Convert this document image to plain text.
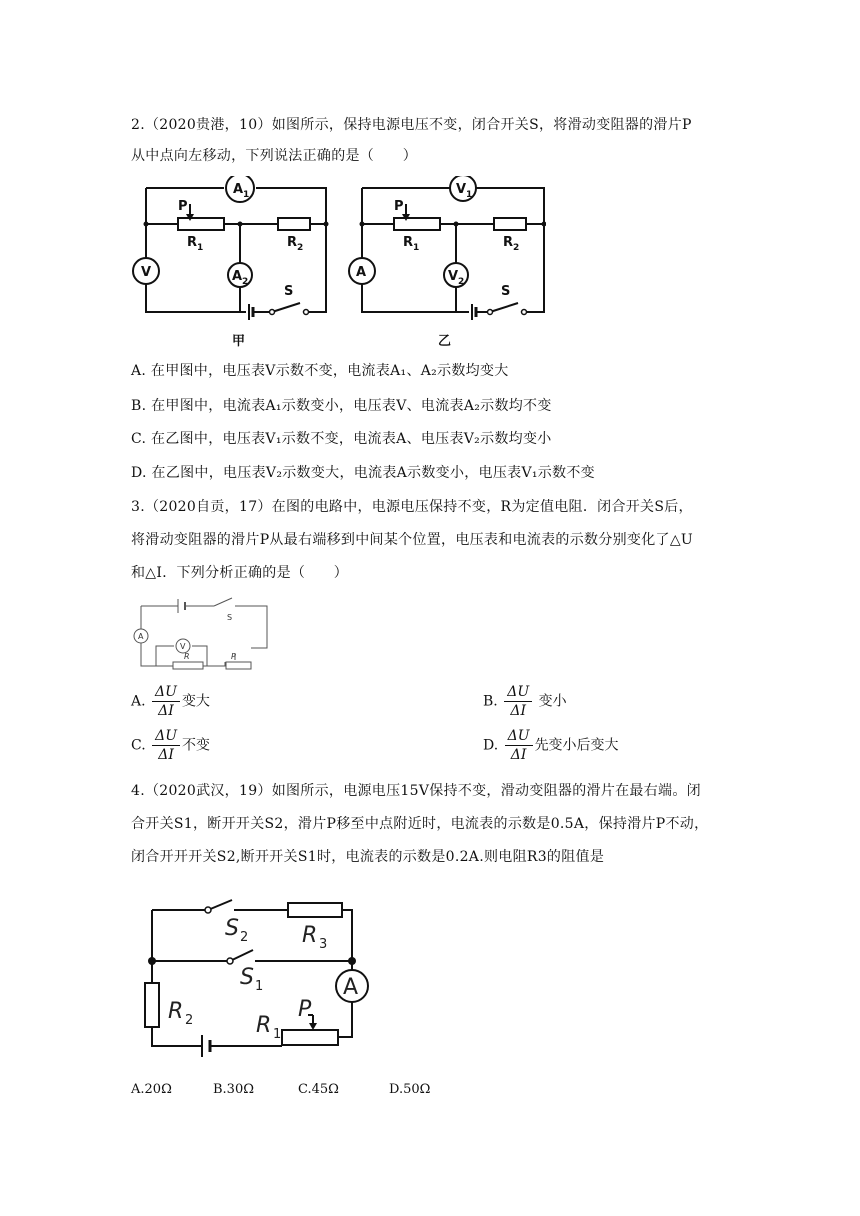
2.（2020贵港，10）如图所示，保持电源电压不变，闭合开关S，将滑动变阻器的滑片P
从中点向左移动，下列说法正确的是（　　）
A 1
V	A 2
P
R 1	R 2
S
甲
V 1
A	V 2
P
R 1	R 2
S
乙
A. 在甲图中，电压表V示数不变，电流表A₁、A₂示数均变大
B. 在甲图中，电流表A₁示数变小，电压表V、电流表A₂示数均不变
C. 在乙图中，电压表V₁示数不变，电流表A、电压表V₂示数均变小
D. 在乙图中，电压表V₂示数变大，电流表A示数变小，电压表V₁示数不变
3.（2020自贡，17）在图的电路中，电源电压保持不变，R为定值电阻．闭合开关S后，
将滑动变阻器的滑片P从最右端移到中间某个位置，电压表和电流表的示数分别变化了△U
和△I．下列分析正确的是（　　）
A
V
S
R	P
A. $\frac{\Delta U}{\Delta I}$ 变大	B. $\frac{\Delta U}{\Delta I}$ 变小
C. $\frac{\Delta U}{\Delta I}$ 不变	D. $\frac{\Delta U}{\Delta I}$ 先变小后变大
4.（2020武汉，19）如图所示，电源电压15V保持不变，滑动变阻器的滑片在最右端。闭
合开关S1，断开开关S2，滑片P移至中点附近时，电流表的示数是0.5A，保持滑片P不动，
闭合开开开关S2,断开开关S1时，电流表的示数是0.2A.则电阻R3的阻值是
S 2 R 3
S 1
R 2	R 1
P
A
A.20Ω	B.30Ω	C.45Ω	D.50Ω
